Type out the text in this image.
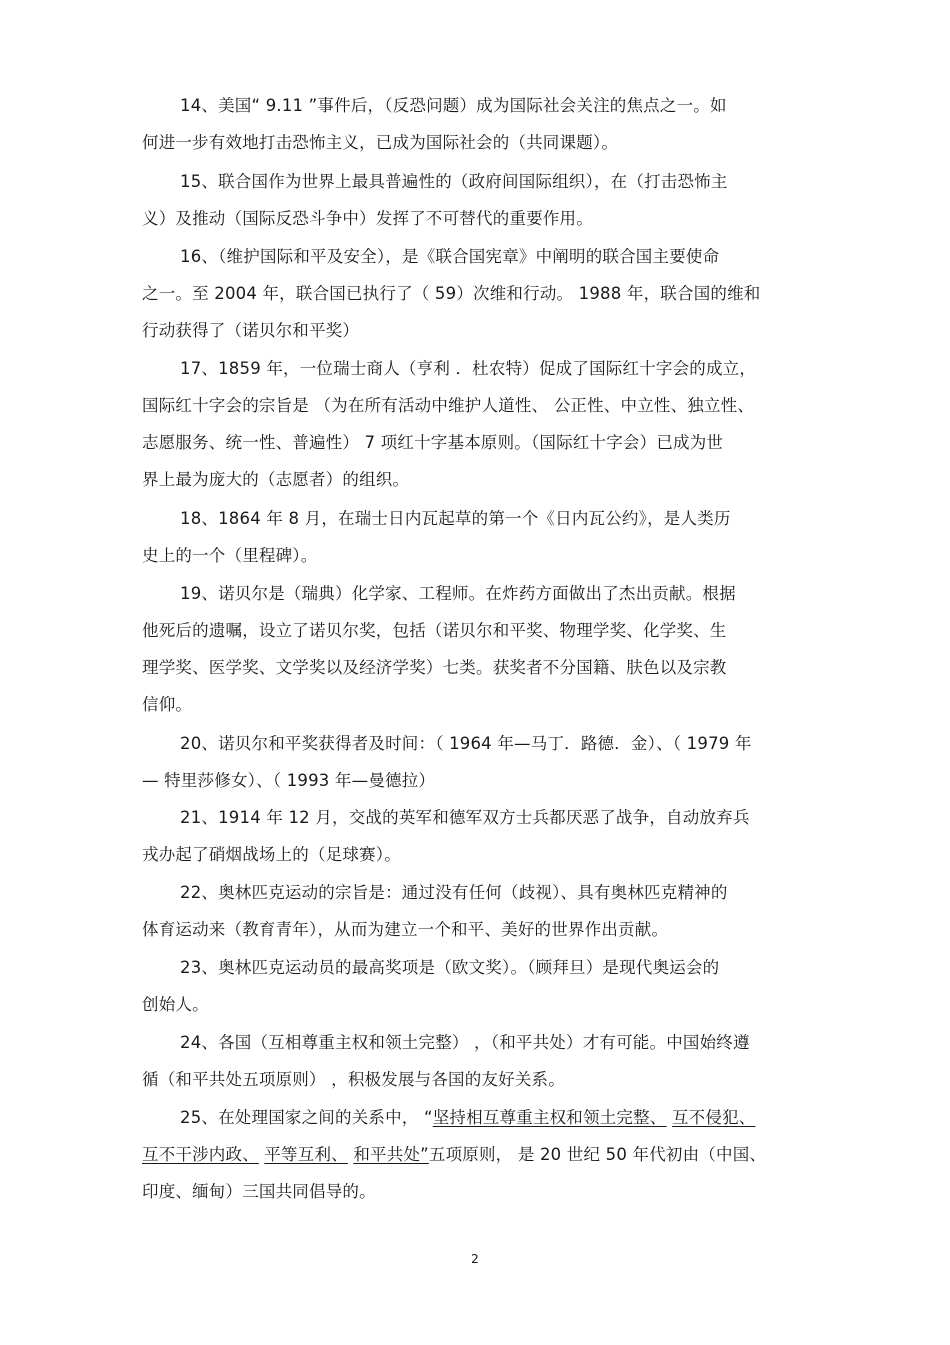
14、美国“ 9.11 ”事件后，（反恐问题）成为国际社会关注的焦点之一。如
何进一步有效地打击恐怖主义，已成为国际社会的（共同课题）。
15、联合国作为世界上最具普遍性的（政府间国际组织），在（打击恐怖主
义）及推动（国际反恐斗争中）发挥了不可替代的重要作用。
16、（维护国际和平及安全），是《联合国宪章》中阐明的联合国主要使命
之一。至 2004 年，联合国已执行了（ 59）次维和行动。 1988 年，联合国的维和
行动获得了（诺贝尔和平奖）
17、1859 年，一位瑞士商人（亨利 ．杜农特）促成了国际红十字会的成立，
国际红十字会的宗旨是 （为在所有活动中维护人道性、 公正性、中立性、独立性、
志愿服务、统一性、普遍性） 7 项红十字基本原则。（国际红十字会）已成为世
界上最为庞大的（志愿者）的组织。
18、1864 年 8 月，在瑞士日内瓦起草的第一个《日内瓦公约》，是人类历
史上的一个（里程碑）。
19、诺贝尔是（瑞典）化学家、工程师。在炸药方面做出了杰出贡献。根据
他死后的遗嘱，设立了诺贝尔奖，包括（诺贝尔和平奖、物理学奖、化学奖、生
理学奖、医学奖、文学奖以及经济学奖）七类。获奖者不分国籍、肤色以及宗教
信仰。
20、诺贝尔和平奖获得者及时间：（ 1964 年—马丁．路德．金）、（ 1979 年
— 特里莎修女）、（ 1993 年—曼德拉）
21、1914 年 12 月，交战的英军和德军双方士兵都厌恶了战争，自动放弃兵
戎办起了硝烟战场上的（足球赛）。
22、奥林匹克运动的宗旨是：通过没有任何（歧视）、具有奥林匹克精神的
体育运动来（教育青年），从而为建立一个和平、美好的世界作出贡献。
23、奥林匹克运动员的最高奖项是（欧文奖）。（顾拜旦）是现代奥运会的
创始人。
24、各国（互相尊重主权和领土完整） ，（和平共处）才有可能。中国始终遵
循（和平共处五项原则） ，积极发展与各国的友好关系。
25、在处理国家之间的关系中， “坚持相互尊重主权和领土完整、 互不侵犯、
互不干涉内政、 平等互利、 和平共处”五项原则， 是 20 世纪 50 年代初由（中国、
印度、缅甸）三国共同倡导的。
2
